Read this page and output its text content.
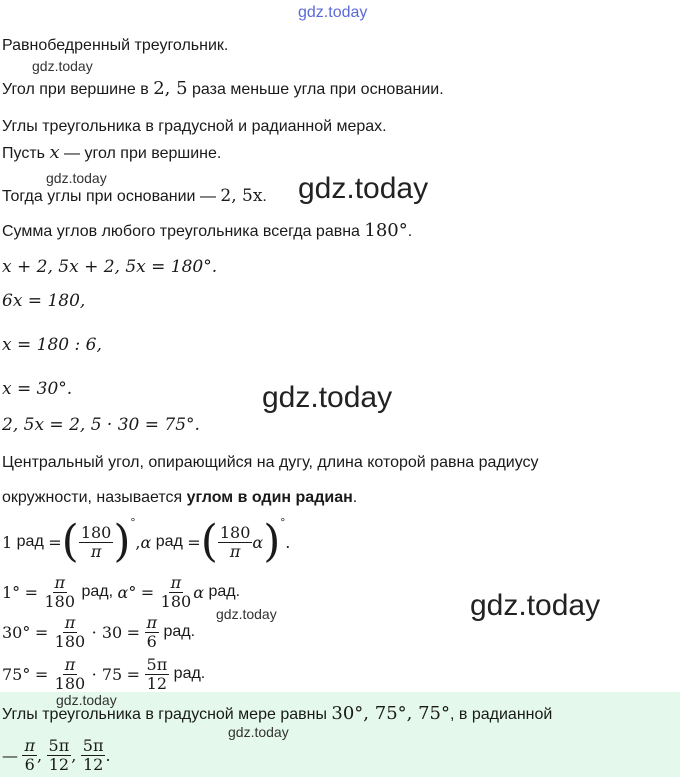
gdz.today
gdz.today
gdz.today	gdz.today
gdz.today
gdz.today
gdz.today
gdz.today
gdz.today
Равнобедренный треугольник.
Угол при вершине в 2, 5 раза меньше угла при основании.
Углы треугольника в градусной и радианной мерах.
Пусть x — угол при вершине.
Тогда углы при основании — 2, 5x.
Сумма углов любого треугольника всегда равна 180°.
x + 2, 5x + 2, 5x = 180°.
6x = 180,
x = 180 : 6,
x = 30°.
2, 5x = 2, 5 · 30 = 75°.
Центральный угол, опирающийся на дугу, длина которой равна радиусу
окружности, называется углом в один радиан.
1
рад
= ( $\frac{180}{\pi}$ ) °
, α
рад
= ( $\frac{180}{\pi}$ α ) °
.
1°
=
$\frac{\pi}{180}$
рад,
α°
=
$\frac{\pi}{180}$ α
рад.
30°
=
$\frac{\pi}{180}$
· 30
=
$\frac{\pi}{6}$
рад.
75°
=
$\frac{\pi}{180}$
· 75
=
$\frac{5\pi}{12}$
рад.
Углы треугольника в градусной мере равны 30°, 75°, 75°, в радианной
—
$\frac{\pi}{6}$ ,
$\frac{5\pi}{12}$ ,
$\frac{5\pi}{12}$ .
